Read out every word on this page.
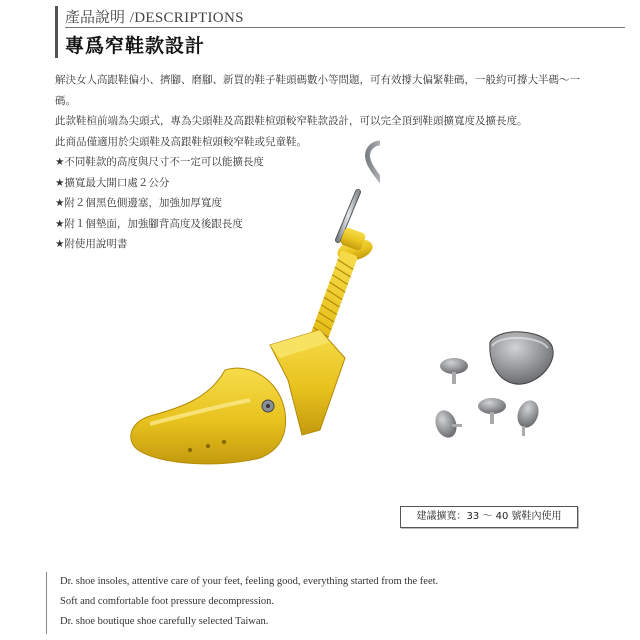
產品說明 /DESCRIPTIONS
專爲窄鞋款設計

解決女人高跟鞋偏小、擠腳、磨腳、新買的鞋子鞋頭碼數小等問題，可有效撐大偏緊鞋碼，一般約可撐大半碼～一碼。

此款鞋楦前端為尖頭式，專為尖頭鞋及高跟鞋楦頭較窄鞋款設計，可以完全頂到鞋頭擴寬度及擴長度。

此商品僅適用於尖頭鞋及高跟鞋楦頭較窄鞋或兒童鞋。

★不同鞋款的高度與尺寸不一定可以能擴長度
★擴寬最大開口處２公分
★附２個黑色側邊塞，加強加厚寬度
★附１個墊面，加強腳背高度及後跟長度
★附使用說明書
建議擴寬：33 ～ 40 號鞋內使用
Dr. shoe insoles, attentive care of your feet, feeling good, everything started from the feet.
Soft and comfortable foot pressure decompression.
Dr. shoe boutique shoe carefully selected Taiwan.
